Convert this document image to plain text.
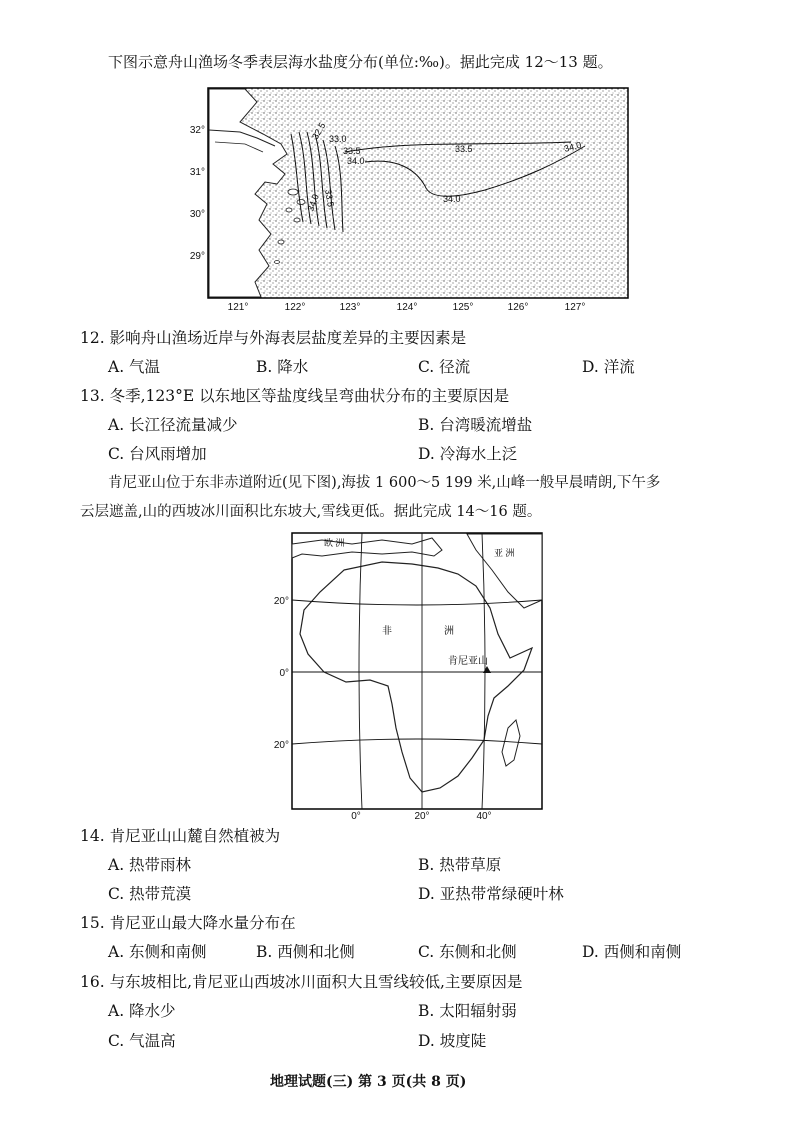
下图示意舟山渔场冬季表层海水盐度分布(单位:‰)。据此完成 12～13 题。
32.5 33.0
33.5
34.0
33.5	34.0
34.0
33.5
34.0
32°
31°
30°
29°
121°	122°	123°	124°	125°	126°	127°
12. 影响舟山渔场近岸与外海表层盐度差异的主要因素是
A. 气温	B. 降水	C. 径流	D. 洋流
13. 冬季,123°E 以东地区等盐度线呈弯曲状分布的主要原因是
A. 长江径流量减少	B. 台湾暖流增盐
C. 台风雨增加	D. 冷海水上泛
肯尼亚山位于东非赤道附近(见下图),海拔 1 600～5 199 米,山峰一般早晨晴朗,下午多
云层遮盖,山的西坡冰川面积比东坡大,雪线更低。据此完成 14～16 题。
欧 洲
亚 洲
非	洲
肯尼亚山
20°
0°
20°
0°	20°	40°
14. 肯尼亚山山麓自然植被为
A. 热带雨林	B. 热带草原
C. 热带荒漠	D. 亚热带常绿硬叶林
15. 肯尼亚山最大降水量分布在
A. 东侧和南侧	B. 西侧和北侧	C. 东侧和北侧	D. 西侧和南侧
16. 与东坡相比,肯尼亚山西坡冰川面积大且雪线较低,主要原因是
A. 降水少	B. 太阳辐射弱
C. 气温高	D. 坡度陡
地理试题(三) 第 3 页(共 8 页)
